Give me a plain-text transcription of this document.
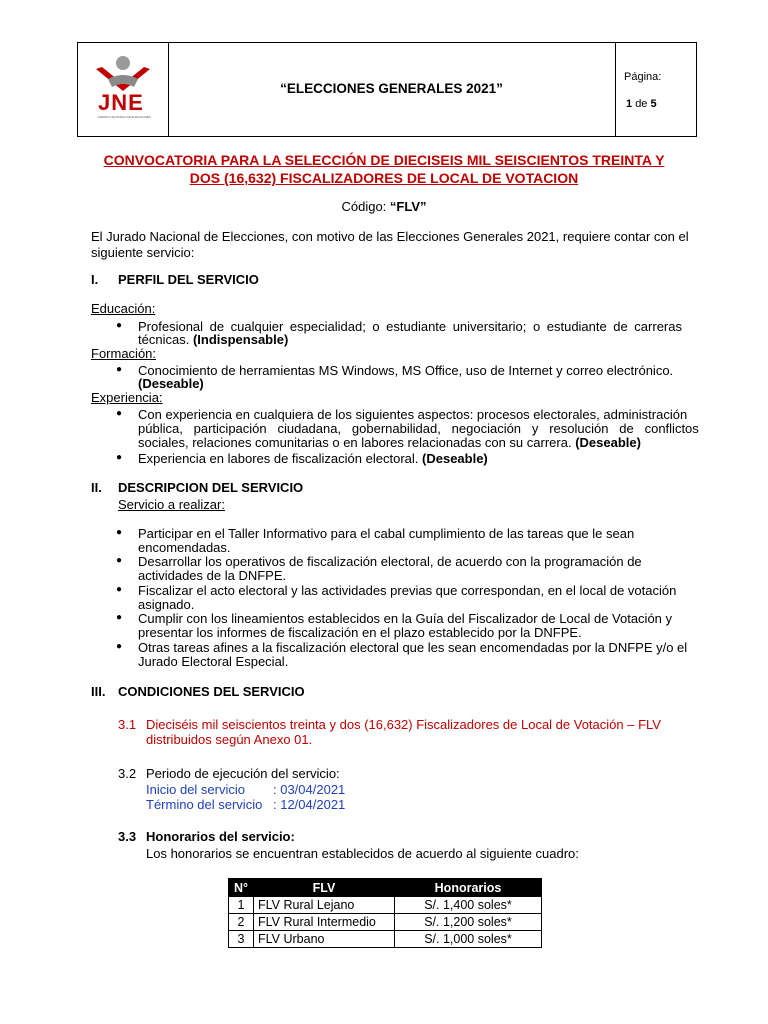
JNE
JURADO NACIONAL DE ELECCIONES
“ELECCIONES GENERALES 2021”
Página:
1 de 5
CONVOCATORIA PARA LA SELECCIÓN DE DIECISEIS MIL SEISCIENTOS TREINTA Y
DOS (16,632) FISCALIZADORES DE LOCAL DE VOTACION
Código: “FLV”
El Jurado Nacional de Elecciones, con motivo de las Elecciones Generales 2021, requiere contar con el
siguiente servicio:
I. PERFIL DEL SERVICIO
Educación:
● Profesional de cualquier especialidad; o estudiante universitario; o estudiante de carreras
técnicas. (Indispensable)
Formación:
● Conocimiento de herramientas MS Windows, MS Office, uso de Internet y correo electrónico.
(Deseable)
Experiencia:
● Con experiencia en cualquiera de los siguientes aspectos: procesos electorales, administración
pública,   participación   ciudadana,   gobernabilidad,   negociación   y   resolución   de   conflictos
sociales, relaciones comunitarias o en labores relacionadas con su carrera. (Deseable)
● Experiencia en labores de fiscalización electoral. (Deseable)
II. DESCRIPCION DEL SERVICIO
Servicio a realizar:
● Participar en el Taller Informativo para el cabal cumplimiento de las tareas que le sean
encomendadas.
● Desarrollar los operativos de fiscalización electoral, de acuerdo con la programación de
actividades de la DNFPE.
● Fiscalizar el acto electoral y las actividades previas que correspondan, en el local de votación
asignado.
● Cumplir con los lineamientos establecidos en la Guía del Fiscalizador de Local de Votación y
presentar los informes de fiscalización en el plazo establecido por la DNFPE.
● Otras tareas afines a la fiscalización electoral que les sean encomendadas por la DNFPE y/o el
Jurado Electoral Especial.
III. CONDICIONES DEL SERVICIO
3.1 Dieciséis mil seiscientos treinta y dos (16,632) Fiscalizadores de Local de Votación – FLV
distribuidos según Anexo 01.
3.2 Periodo de ejecución del servicio:
Inicio del servicio : 03/04/2021
Término del servicio : 12/04/2021
3.3 Honorarios del servicio:
Los honorarios se encuentran establecidos de acuerdo al siguiente cuadro:
N°	FLV	Honorarios
1	FLV Rural Lejano	S/. 1,400 soles*
2	FLV Rural Intermedio	S/. 1,200 soles*
3	FLV Urbano	S/. 1,000 soles*
